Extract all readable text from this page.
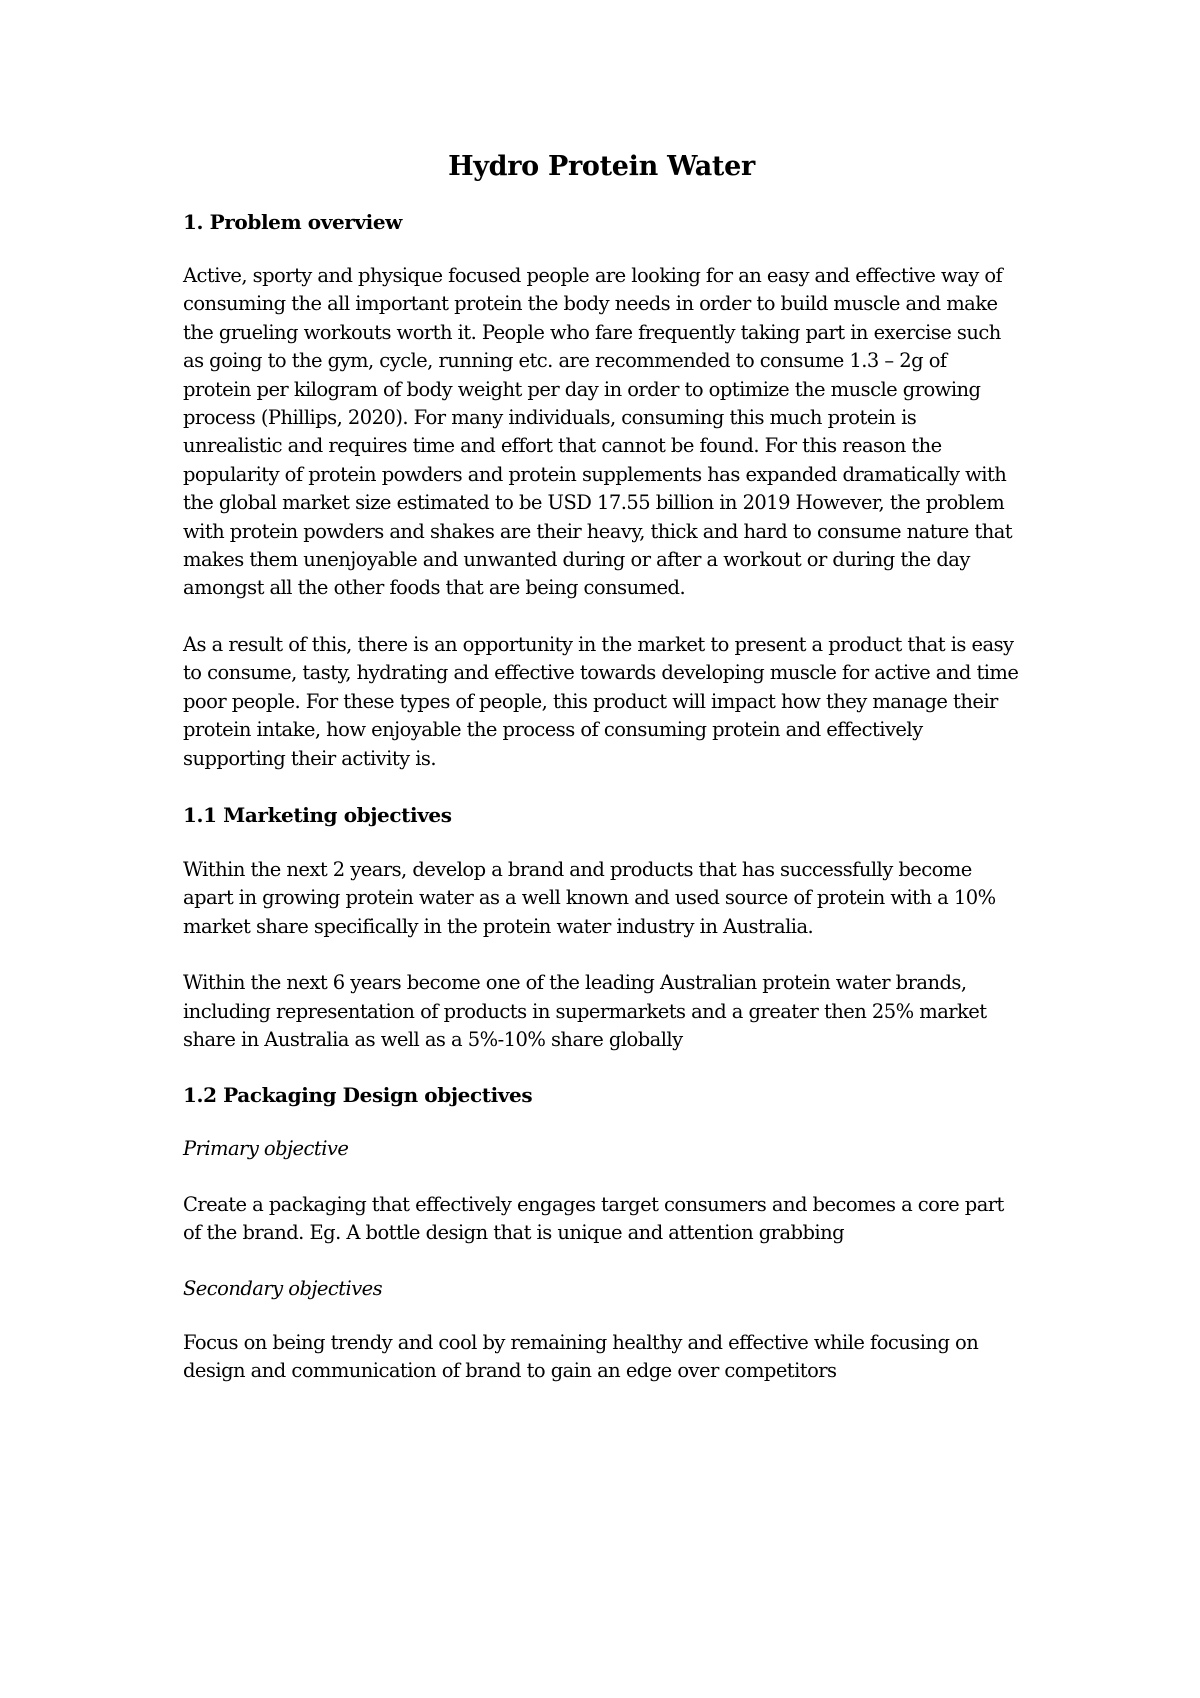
Hydro Protein Water
1. Problem overview

Active, sporty and physique focused people are looking for an easy and effective way of consuming the all important protein the body needs in order to build muscle and make the grueling workouts worth it. People who fare frequently taking part in exercise such as going to the gym, cycle, running etc. are recommended to consume 1.3 – 2g of protein per kilogram of body weight per day in order to optimize the muscle growing process (Phillips, 2020). For many individuals, consuming this much protein is unrealistic and requires time and effort that cannot be found. For this reason the popularity of protein powders and protein supplements has expanded dramatically with the global market size estimated to be USD 17.55 billion in 2019 However, the problem with protein powders and shakes are their heavy, thick and hard to consume nature that makes them unenjoyable and unwanted during or after a workout or during the day amongst all the other foods that are being consumed.

As a result of this, there is an opportunity in the market to present a product that is easy to consume, tasty, hydrating and effective towards developing muscle for active and time poor people. For these types of people, this product will impact how they manage their protein intake, how enjoyable the process of consuming protein and effectively supporting their activity is.

1.1 Marketing objectives

Within the next 2 years, develop a brand and products that has successfully become apart in growing protein water as a well known and used source of protein with a 10% market share specifically in the protein water industry in Australia.

Within the next 6 years become one of the leading Australian protein water brands, including representation of products in supermarkets and a greater then 25% market share in Australia as well as a 5%-10% share globally

1.2 Packaging Design objectives

Primary objective

Create a packaging that effectively engages target consumers and becomes a core part of the brand. Eg. A bottle design that is unique and attention grabbing

Secondary objectives

Focus on being trendy and cool by remaining healthy and effective while focusing on design and communication of brand to gain an edge over competitors
